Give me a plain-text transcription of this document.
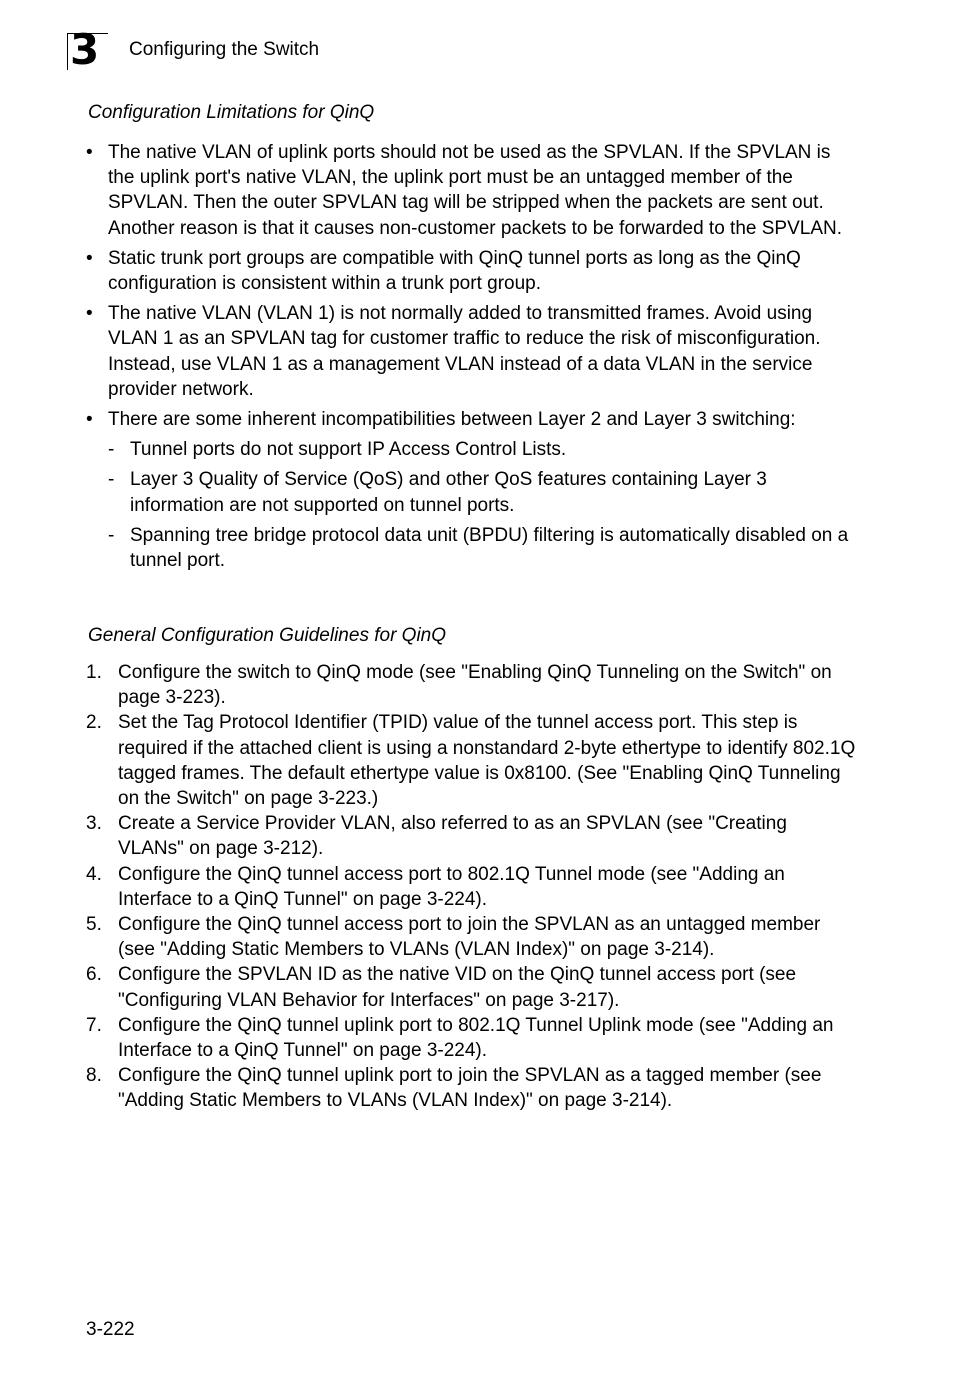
3 Configuring the Switch
Configuration Limitations for QinQ
• The native VLAN of uplink ports should not be used as the SPVLAN. If the SPVLAN is the uplink port's native VLAN, the uplink port must be an untagged member of the SPVLAN. Then the outer SPVLAN tag will be stripped when the packets are sent out. Another reason is that it causes non-customer packets to be forwarded to the SPVLAN.
• Static trunk port groups are compatible with QinQ tunnel ports as long as the QinQ configuration is consistent within a trunk port group.
• The native VLAN (VLAN 1) is not normally added to transmitted frames. Avoid using VLAN 1 as an SPVLAN tag for customer traffic to reduce the risk of misconfiguration. Instead, use VLAN 1 as a management VLAN instead of a data VLAN in the service provider network.
• There are some inherent incompatibilities between Layer 2 and Layer 3 switching:
- Tunnel ports do not support IP Access Control Lists.
- Layer 3 Quality of Service (QoS) and other QoS features containing Layer 3 information are not supported on tunnel ports.
- Spanning tree bridge protocol data unit (BPDU) filtering is automatically disabled on a tunnel port.
General Configuration Guidelines for QinQ
1. Configure the switch to QinQ mode (see "Enabling QinQ Tunneling on the Switch" on page 3-223).
2. Set the Tag Protocol Identifier (TPID) value of the tunnel access port. This step is required if the attached client is using a nonstandard 2-byte ethertype to identify 802.1Q tagged frames. The default ethertype value is 0x8100. (See "Enabling QinQ Tunneling on the Switch" on page 3-223.)
3. Create a Service Provider VLAN, also referred to as an SPVLAN (see "Creating VLANs" on page 3-212).
4. Configure the QinQ tunnel access port to 802.1Q Tunnel mode (see "Adding an Interface to a QinQ Tunnel" on page 3-224).
5. Configure the QinQ tunnel access port to join the SPVLAN as an untagged member (see "Adding Static Members to VLANs (VLAN Index)" on page 3-214).
6. Configure the SPVLAN ID as the native VID on the QinQ tunnel access port (see "Configuring VLAN Behavior for Interfaces" on page 3-217).
7. Configure the QinQ tunnel uplink port to 802.1Q Tunnel Uplink mode (see "Adding an Interface to a QinQ Tunnel" on page 3-224).
8. Configure the QinQ tunnel uplink port to join the SPVLAN as a tagged member (see "Adding Static Members to VLANs (VLAN Index)" on page 3-214).
3-222
